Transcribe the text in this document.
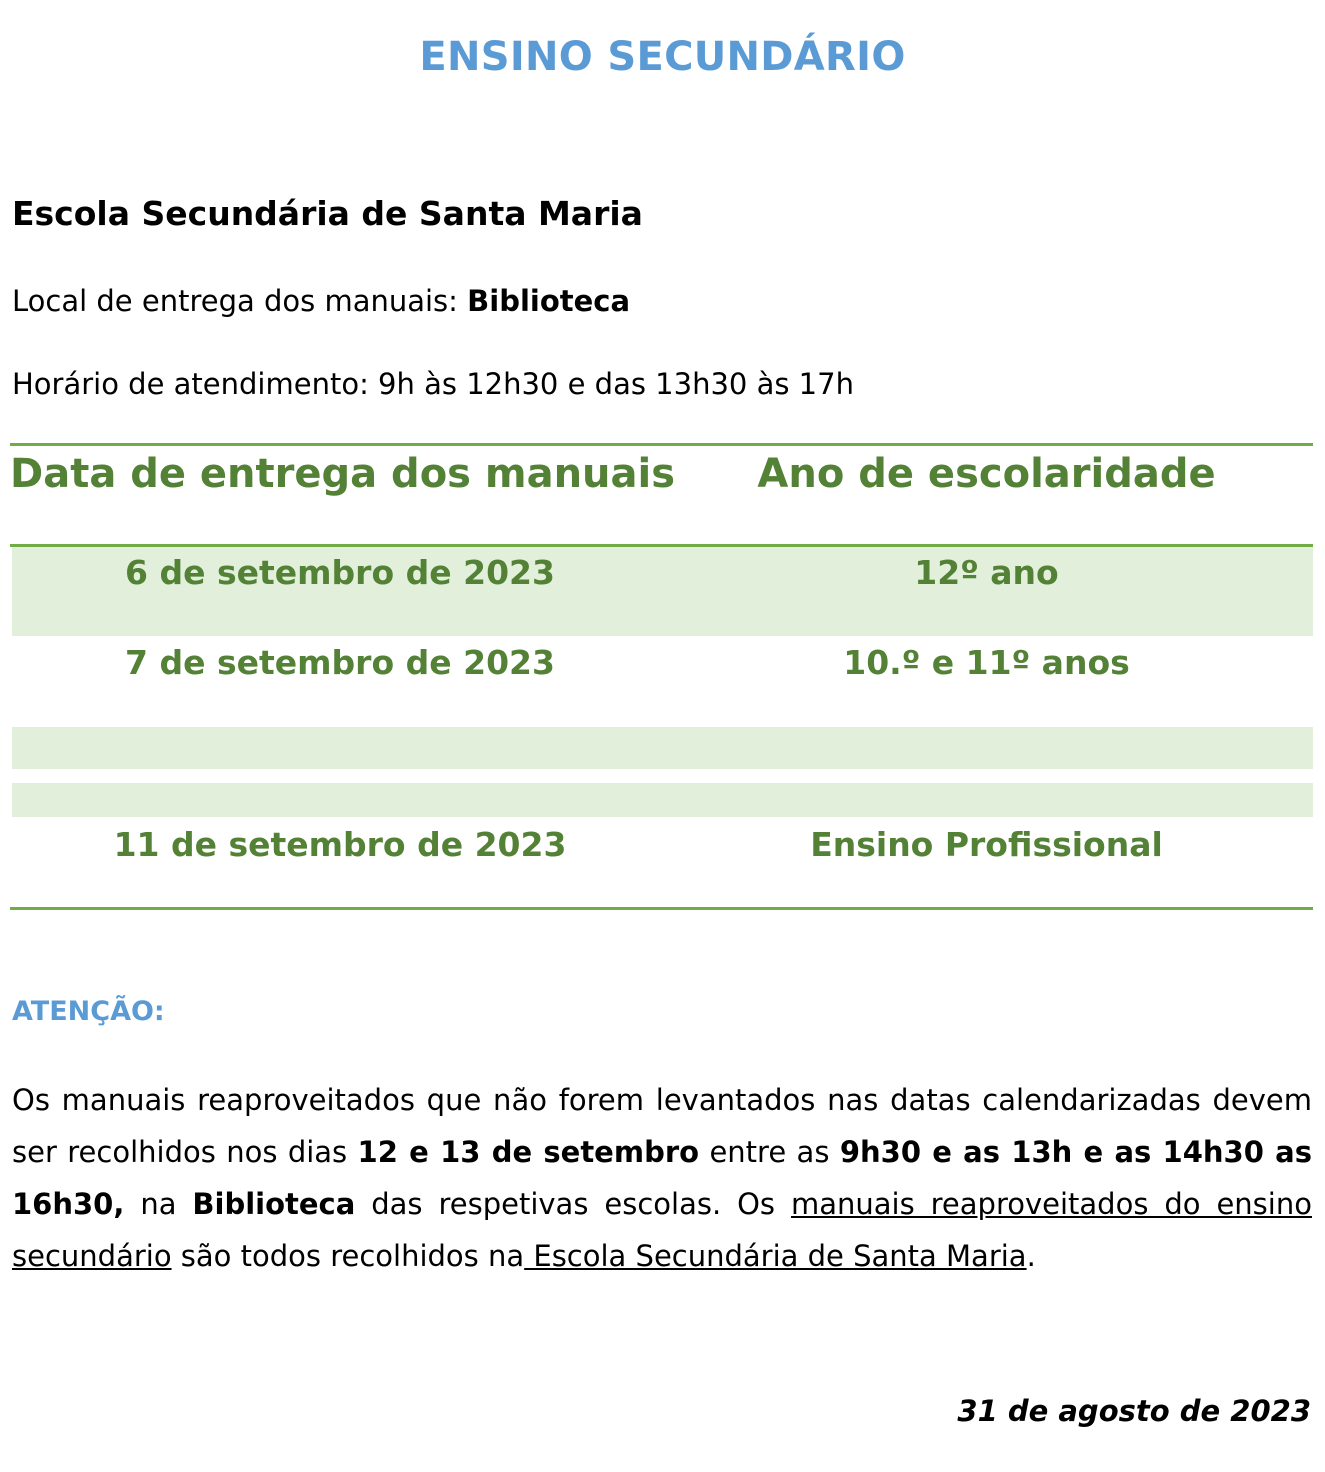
ENSINO SECUNDÁRIO
Escola Secundária de Santa Maria
Local de entrega dos manuais: Biblioteca
Horário de atendimento: 9h às 12h30 e das 13h30 às 17h
Data de entrega dos manuais	Ano de escolaridade
6 de setembro de 2023	12º ano
7 de setembro de 2023	10.º e 11º anos
11 de setembro de 2023	Ensino Profissional
ATENÇÃO:
Os manuais reaproveitados que não forem levantados nas datas calendarizadas devem ser recolhidos nos dias 12 e 13 de setembro entre as 9h30 e as 13h e as 14h30 as 16h30, na Biblioteca das respetivas escolas. Os manuais reaproveitados do ensino secundário são todos recolhidos na Escola Secundária de Santa Maria.
31 de agosto de 2023
